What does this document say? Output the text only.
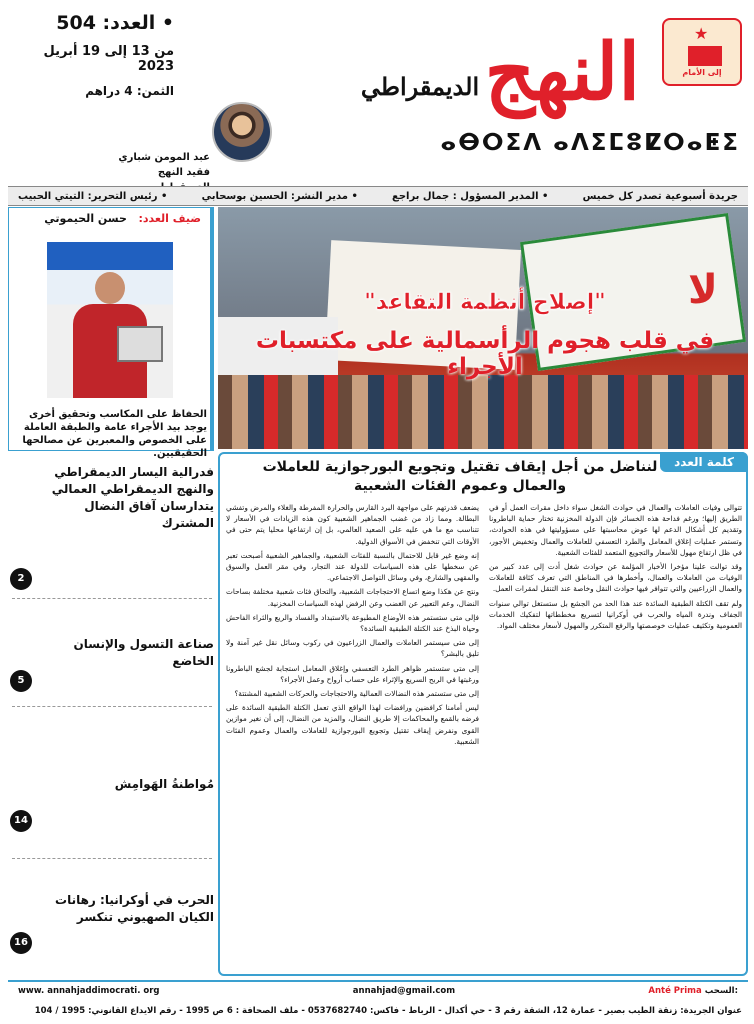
• العدد: 504
من 13 إلى 19 أبريل 2023
الثمن: 4 دراهم
عبد المومن شباري
فقيد النهج
النهج
الديمقراطي
ⴰⴱⵔⵉⴷ ⴰⴷⵉⵎⵓⵇⵔⴰⵟⵉ
★
إلى الأمام
جريدة أسبوعية تصدر كل خميس
• المدير المسؤول : جمال براجع
• مدير النشر: الحسين بوسحابي
• رئيس التحرير: التيتي الحبيب
لا
"إصلاح أنظمة التقاعد"
في قلب هجوم الرأسمالية على مكتسبات الأجراء
ضيف العدد:   حسن الحيموتي
الحفاظ على المكاسب وتحقيق أخرى يوجد بيد الأجراء عامة والطبقة العاملة على الخصوص والمعبرين عن مصالحها الحقيقيين.
كلمة العدد
لنناضل من أجل إيقاف تقتيل وتجويع البورجوازية للعاملات والعمال وعموم الفئات الشعبية

تتوالى وفيات العاملات والعمال في حوادث الشغل سواء داخل مقرات العمل أو في الطريق إليها؛ ورغم فداحة هذه الخسائر فإن الدولة المخزنية تختار حماية الباطرونا وتقديم كل أشكال الدعم لها عوض محاسبتها على مسؤوليتها في هذه الحوادث، وتستمر عمليات إغلاق المعامل والطرد التعسفي للعاملات والعمال وتخفيض الأجور، في ظل ارتفاع مهول للأسعار والتجويع المتعمد للفئات الشعبية.

وقد توالت علينا مؤخرا الأخبار المؤلمة عن حوادث شغل أدت إلى عدد كبير من الوفيات من العاملات والعمال، وأخطرها في المناطق التي تعرف كثافة للعاملات والعمال الزراعيين والتي تتوافر فيها حوادث النقل وخاصة عند التنقل لمقرات العمل.

ولم تقف الكتلة الطبقية السائدة عند هذا الحد من الجشع بل ستستغل توالي سنوات الجفاف وندرة المياه والحرب في أوكرانيا لتسريع مخططاتها لتفكيك الخدمات العمومية وتكثيف عمليات خوصصتها والرفع المتكرر والمهول لأسعار مختلف المواد.

يضعف قدرتهم على مواجهة البرد القارس والحرارة المفرطة والغلاء والمرض وتفشي البطالة. ومما زاد من غضب الجماهير الشعبية كون هذه الزيادات في الأسعار لا تتناسب مع ما هي عليه على الصعيد العالمي، بل إن ارتفاعها محليا يتم حتى في الأوقات التي تنخفض في الأسواق الدولية.

إنه وضع غير قابل للاحتمال بالنسبة للفئات الشعبية، والجماهير الشعبية أصبحت تعبر عن سخطها على هذه السياسات للدولة عند التجار، وفي مقر العمل والسوق والمقهى والشارع، وفي وسائل التواصل الاجتماعي.

ونتج عن هكذا وضع اتساع الاحتجاجات الشعبية، والتحاق فئات شعبية مختلفة بساحات النضال، وعم التعبير عن الغضب وعن الرفض لهذه السياسات المخزنية.

فإلى متى ستستمر هذه الأوضاع المطبوعة بالاستبداد والفساد والريع والثراء الفاحش وحياة البذخ عند الكتلة الطبقية السائدة؟

إلى متى سيستمر العاملات والعمال الزراعيون في ركوب وسائل نقل غير آمنة ولا تليق بالبشر؟

إلى متى ستستمر ظواهر الطرد التعسفي وإغلاق المعامل استجابة لجشع الباطرونا ورغبتها في الربح السريع والإثراء على حساب أرواح وعمل الأجراء؟

إلى متى ستستمر هذه النضالات العمالية والاحتجاجات والحركات الشعبية المشتتة؟

ليس أمامنا كرافضين ورافضات لهذا الواقع الذي تعمل الكتلة الطبقية السائدة على فرضه بالقمع والمحاكمات إلا طريق النضال، والمزيد من النضال، إلى أن نغير موازين القوى ونفرض إيقاف تقتيل وتجويع البورجوازية للعاملات والعمال وعموم الفئات الشعبية.

فدرالية اليسار الديمقراطي والنهج الديمقراطي العمالي يتدارسان آفاق النضال المشترك
2
صناعة التسول والإنسان الخاضع
5
مُواطنةُ الهَوامِش
14
الحرب في أوكرانيا: رهانات الكيان الصهيوني تنكسر
16
www. annahjaddimocrati. org	annahjad@gmail.com	Anté Prima السحب:
عنوان الجريدة: زنقة الطيب بصير - عمارة 12، الشقة رقم 3 - حي أكدال - الرباط - فاكس: 0537682740 - ملف الصحافة : 6 ص 1995 - رقم الايداع القانوني: 1995 / 104
